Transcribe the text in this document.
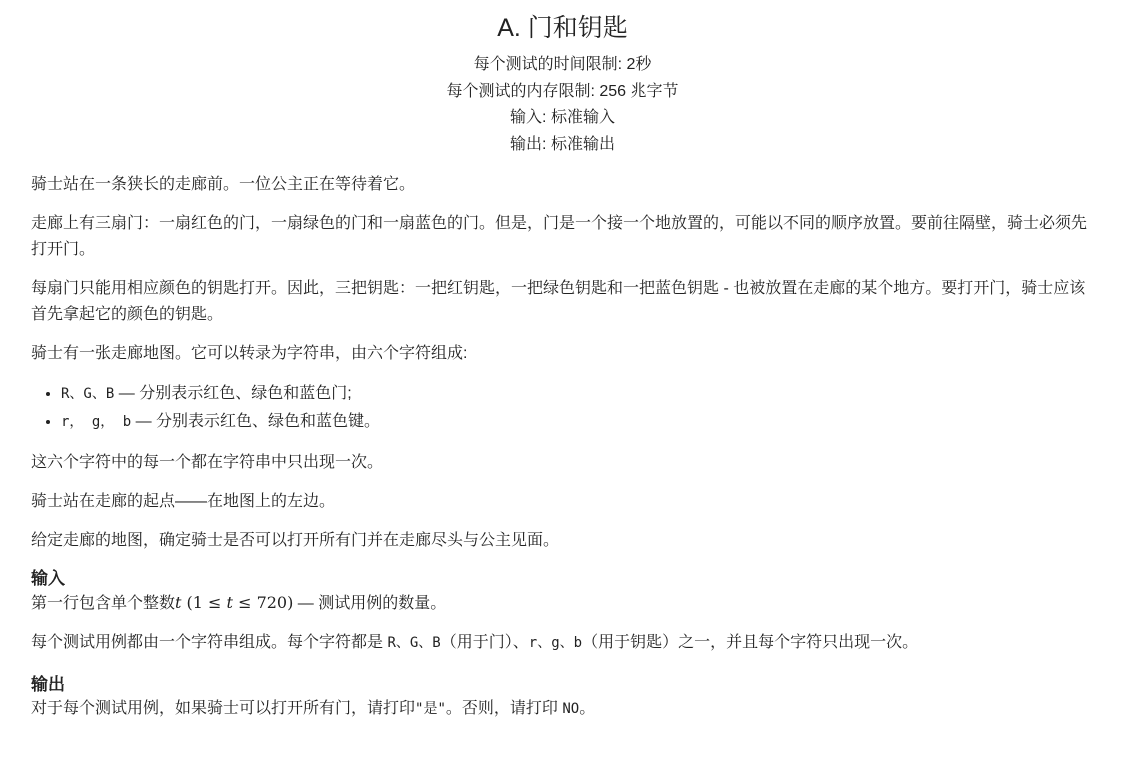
A. 门和钥匙
每个测试的时间限制: 2秒
每个测试的内存限制: 256 兆字节
输入: 标准输入
输出: 标准输出

骑士站在一条狭长的走廊前。一位公主正在等待着它。

走廊上有三扇门：一扇红色的门，一扇绿色的门和一扇蓝色的门。但是，门是一个接一个地放置的，可能以不同的顺序放置。要前往隔壁，骑士必须先打开门。

每扇门只能用相应颜色的钥匙打开。因此，三把钥匙：一把红钥匙，一把绿色钥匙和一把蓝色钥匙 - 也被放置在走廊的某个地方。要打开门，骑士应该首先拿起它的颜色的钥匙。

骑士有一张走廊地图。它可以转录为字符串，由六个字符组成:

• R、G、B — 分别表示红色、绿色和蓝色门;
• r， g， b — 分别表示红色、绿色和蓝色键。

这六个字符中的每一个都在字符串中只出现一次。

骑士站在走廊的起点——在地图上的左边。

给定走廊的地图，确定骑士是否可以打开所有门并在走廊尽头与公主见面。

输入

第一行包含单个整数t (1 ≤ t ≤ 720) — 测试用例的数量。

每个测试用例都由一个字符串组成。每个字符都是 R、G、B（用于门）、r、g、b（用于钥匙）之一，并且每个字符只出现一次。

输出

对于每个测试用例，如果骑士可以打开所有门，请打印"是"。否则，请打印 NO。
